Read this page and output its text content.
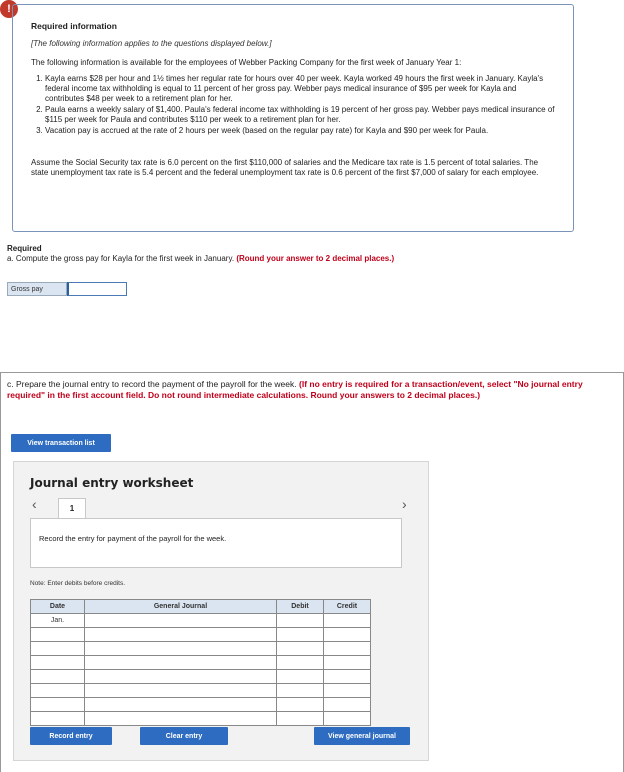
!

Required information

[The following information applies to the questions displayed below.]

The following information is available for the employees of Webber Packing Company for the first week of January Year 1:

1. Kayla earns $28 per hour and 1½ times her regular rate for hours over 40 per week. Kayla worked 49 hours the first week in January. Kayla's federal income tax withholding is equal to 11 percent of her gross pay. Webber pays medical insurance of $95 per week for Kayla and contributes $48 per week to a retirement plan for her.
2. Paula earns a weekly salary of $1,400. Paula's federal income tax withholding is 19 percent of her gross pay. Webber pays medical insurance of $115 per week for Paula and contributes $110 per week to a retirement plan for her.
3. Vacation pay is accrued at the rate of 2 hours per week (based on the regular pay rate) for Kayla and $90 per week for Paula.

Assume the Social Security tax rate is 6.0 percent on the first $110,000 of salaries and the Medicare tax rate is 1.5 percent of total salaries. The state unemployment tax rate is 5.4 percent and the federal unemployment tax rate is 0.6 percent of the first $7,000 of salary for each employee.

Required
a. Compute the gross pay for Kayla for the first week in January. (Round your answer to 2 decimal places.)
Gross pay
c. Prepare the journal entry to record the payment of the payroll for the week. (If no entry is required for a transaction/event, select "No journal entry required" in the first account field. Do not round intermediate calculations. Round your answers to 2 decimal places.)
View transaction list
Journal entry worksheet
‹	1	›
Record the entry for payment of the payroll for the week.
Note: Enter debits before credits.
Date	General Journal	Debit	Credit
Jan.			

Record entry	Clear entry	View general journal
